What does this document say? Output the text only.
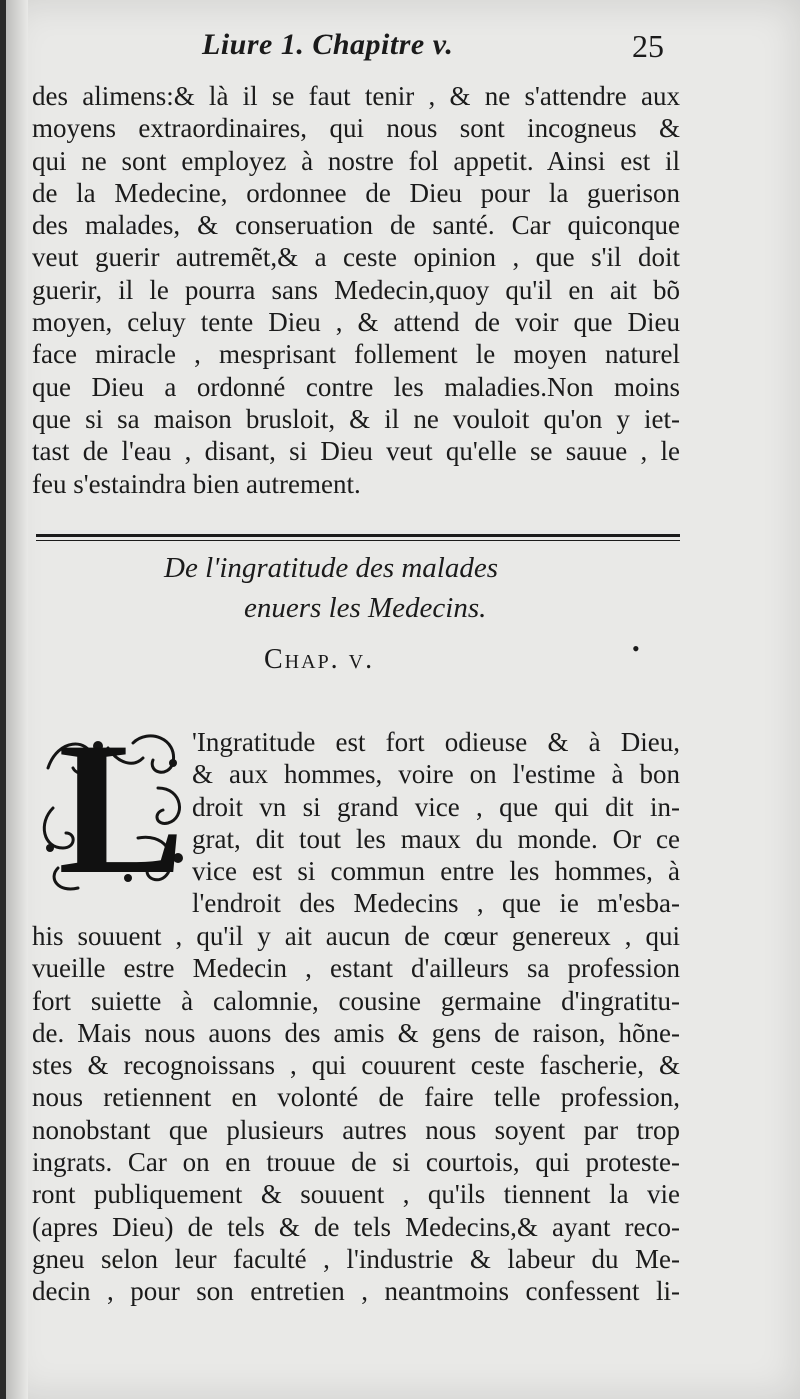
Liure 1. Chapitre v.	25
des alimens:& là il se faut tenir , & ne s'attendre aux
moyens extraordinaires, qui nous sont incogneus &
qui ne sont employez à nostre fol appetit. Ainsi est il
de la Medecine, ordonnee de Dieu pour la guerison
des malades, & conseruation de santé. Car quiconque
veut guerir autremẽt,& a ceste opinion , que s'il doit
guerir, il le pourra sans Medecin,quoy qu'il en ait bõ
moyen, celuy tente Dieu , & attend de voir que Dieu
face miracle , mesprisant follement le moyen naturel
que Dieu a ordonné contre les maladies.Non moins
que si sa maison brusloit, & il ne vouloit qu'on y iet-
tast de l'eau , disant, si Dieu veut qu'elle se sauue , le
feu s'estaindra bien autrement.
De l'ingratitude des malades
enuers les Medecins.
•
Chap. v.
L 'Ingratitude est fort odieuse & à Dieu,
& aux hommes, voire on l'estime à bon
droit vn si grand vice , que qui dit in-
grat, dit tout les maux du monde. Or ce
vice est si commun entre les hommes, à
l'endroit des Medecins , que ie m'esba-
his souuent , qu'il y ait aucun de cœur genereux , qui
vueille estre Medecin , estant d'ailleurs sa profession
fort suiette à calomnie, cousine germaine d'ingratitu-
de. Mais nous auons des amis & gens de raison, hõne-
stes & recognoissans , qui couurent ceste fascherie, &
nous retiennent en volonté de faire telle profession,
nonobstant que plusieurs autres nous soyent par trop
ingrats. Car on en trouue de si courtois, qui proteste-
ront publiquement & souuent , qu'ils tiennent la vie
(apres Dieu) de tels & de tels Medecins,& ayant reco-
gneu selon leur faculté , l'industrie & labeur du Me-
decin , pour son entretien , neantmoins confessent li-
